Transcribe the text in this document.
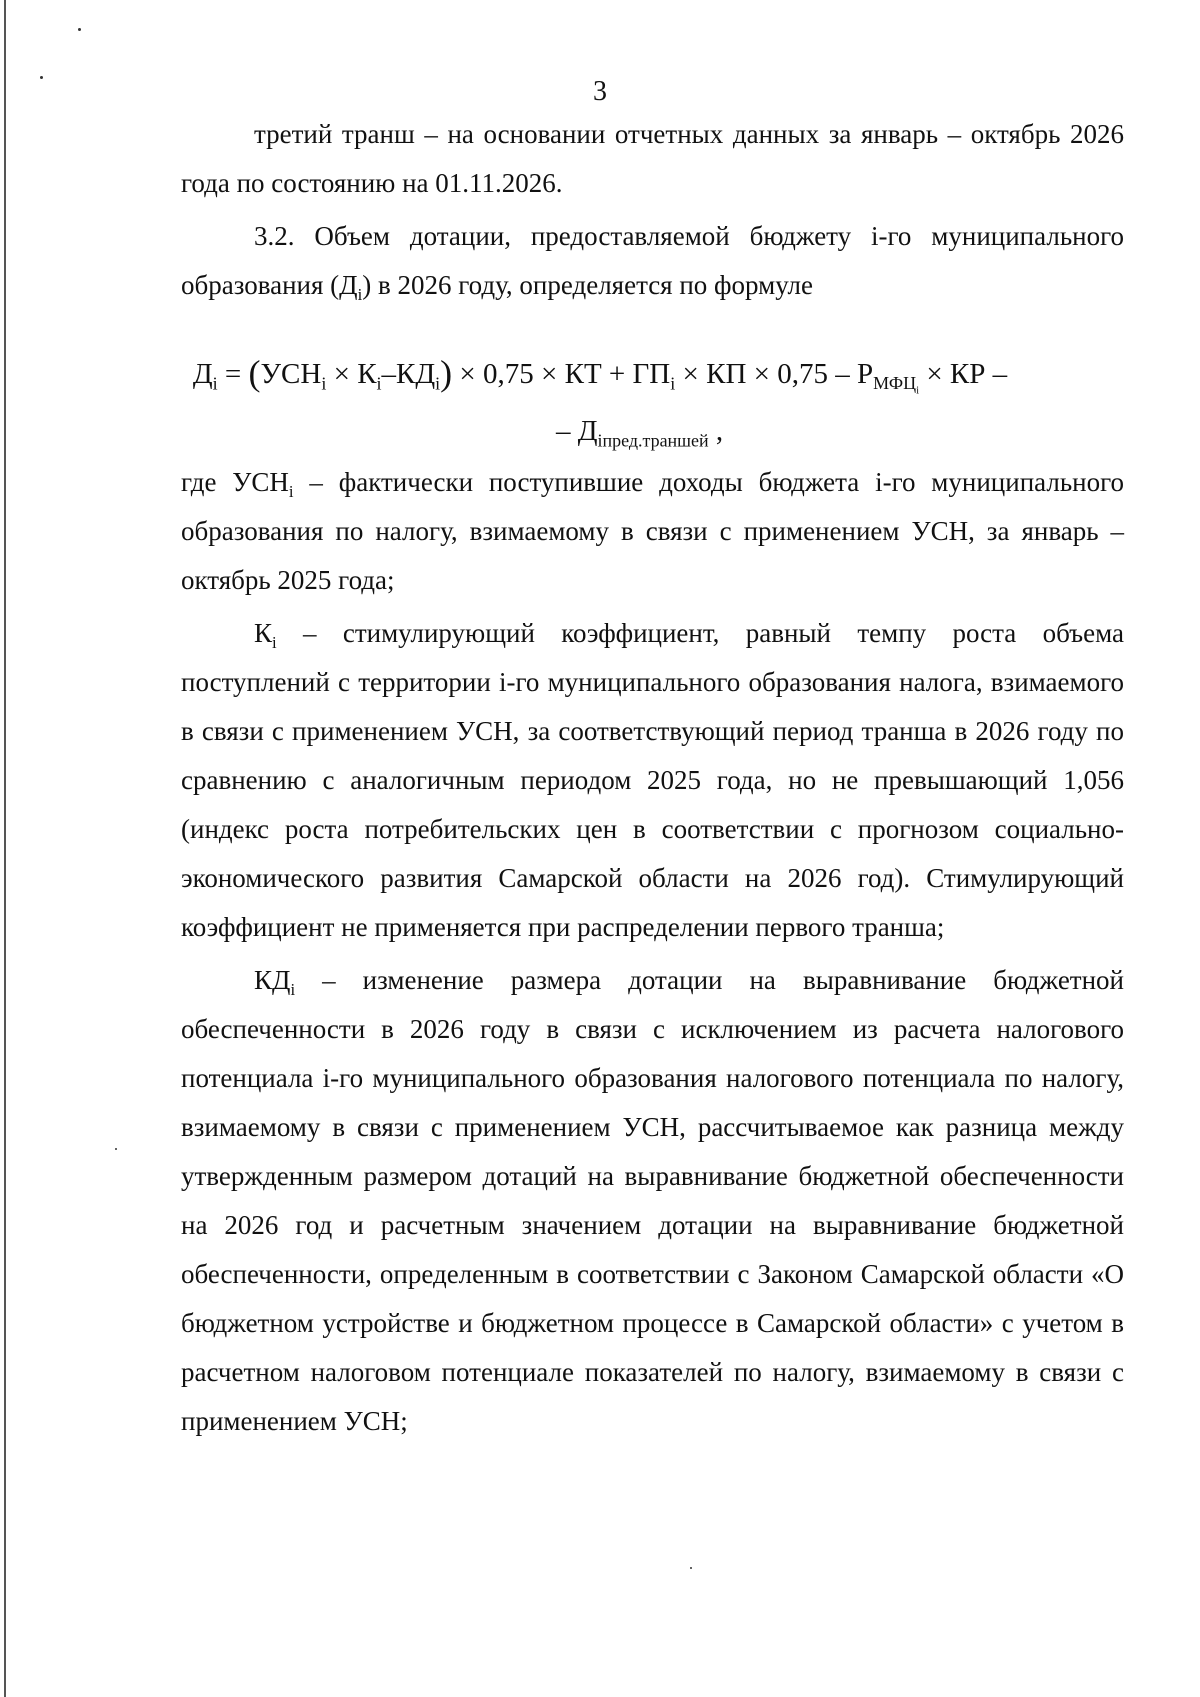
3

третий транш – на основании отчетных данных за январь – октябрь 2026 года по состоянию на 01.11.2026.

3.2. Объем дотации, предоставляемой бюджету i-го муниципального образования $(Д_i)$ в 2026 году, определяется по формуле

$Д_i = (УСН_i \times К_i-КД_i) \times 0,75$ × КТ + $ГП_i$ × КП × $0,75 - Р_{МФЦ_i}$ × КР –
– $Д_{iпред.траншей}$ ,

где $УСН_i$ – фактически поступившие доходы бюджета i-го муниципального образования по налогу, взимаемому в связи с применением УСН, за январь – октябрь 2025 года;

$К_i$ – стимулирующий коэффициент, равный темпу роста объема поступлений с территории i-го муниципального образования налога, взимаемого в связи с применением УСН, за соответствующий период транша в 2026 году по сравнению с аналогичным периодом 2025 года, но не превышающий 1,056 (индекс роста потребительских цен в соответствии с прогнозом социально-экономического развития Самарской области на 2026 год). Стимулирующий коэффициент не применяется при распределении первого транша;

$КД_i$ – изменение размера дотации на выравнивание бюджетной обеспеченности в 2026 году в связи с исключением из расчета налогового потенциала i-го муниципального образования налогового потенциала по налогу, взимаемому в связи с применением УСН, рассчитываемое как разница между утвержденным размером дотаций на выравнивание бюджетной обеспеченности на 2026 год и расчетным значением дотации на выравнивание бюджетной обеспеченности, определенным в соответствии с Законом Самарской области «О бюджетном устройстве и бюджетном процессе в Самарской области» с учетом в расчетном налоговом потенциале показателей по налогу, взимаемому в связи с применением УСН;
